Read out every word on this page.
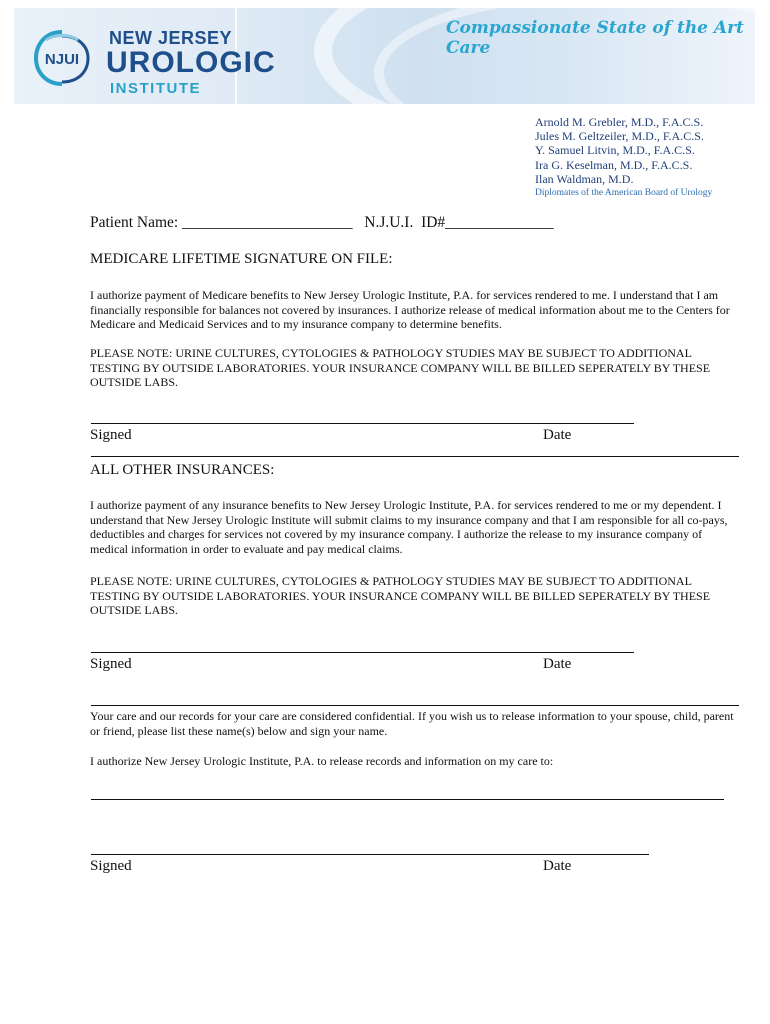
NJUI
NEW JERSEY
UROLOGIC
INSTITUTE
Compassionate State of the Art Care
Arnold M. Grebler, M.D., F.A.C.S.
Jules M. Geltzeiler, M.D., F.A.C.S.
Y. Samuel Litvin, M.D., F.A.C.S.
Ira G. Keselman, M.D., F.A.C.S.
Ilan Waldman, M.D.
Diplomates of the American Board of Urology
Patient Name: ______________________ N.J.U.I.  ID#______________
MEDICARE LIFETIME SIGNATURE ON FILE:
I authorize payment of Medicare benefits to New Jersey Urologic Institute, P.A. for services rendered to me. I understand that I am financially responsible for balances not covered by insurances. I authorize release of medical information about me to the Centers for Medicare and Medicaid Services and to my insurance company to determine benefits.
PLEASE NOTE: URINE CULTURES, CYTOLOGIES & PATHOLOGY STUDIES MAY BE SUBJECT TO ADDITIONAL TESTING BY OUTSIDE LABORATORIES. YOUR INSURANCE COMPANY WILL BE BILLED SEPERATELY BY THESE OUTSIDE LABS.
Signed	Date
ALL OTHER INSURANCES:
I authorize payment of any insurance benefits to New Jersey Urologic Institute, P.A. for services rendered to me or my dependent. I understand that New Jersey Urologic Institute will submit claims to my insurance company and that I am responsible for all co-pays, deductibles and charges for services not covered by my insurance company. I authorize the release to my insurance company of medical information in order to evaluate and pay medical claims.
PLEASE NOTE: URINE CULTURES, CYTOLOGIES & PATHOLOGY STUDIES MAY BE SUBJECT TO ADDITIONAL TESTING BY OUTSIDE LABORATORIES. YOUR INSURANCE COMPANY WILL BE BILLED SEPERATELY BY THESE OUTSIDE LABS.
Signed	Date
Your care and our records for your care are considered confidential. If you wish us to release information to your spouse, child, parent or friend, please list these name(s) below and sign your name.
I authorize New Jersey Urologic Institute, P.A. to release records and information on my care to:
Signed	Date
